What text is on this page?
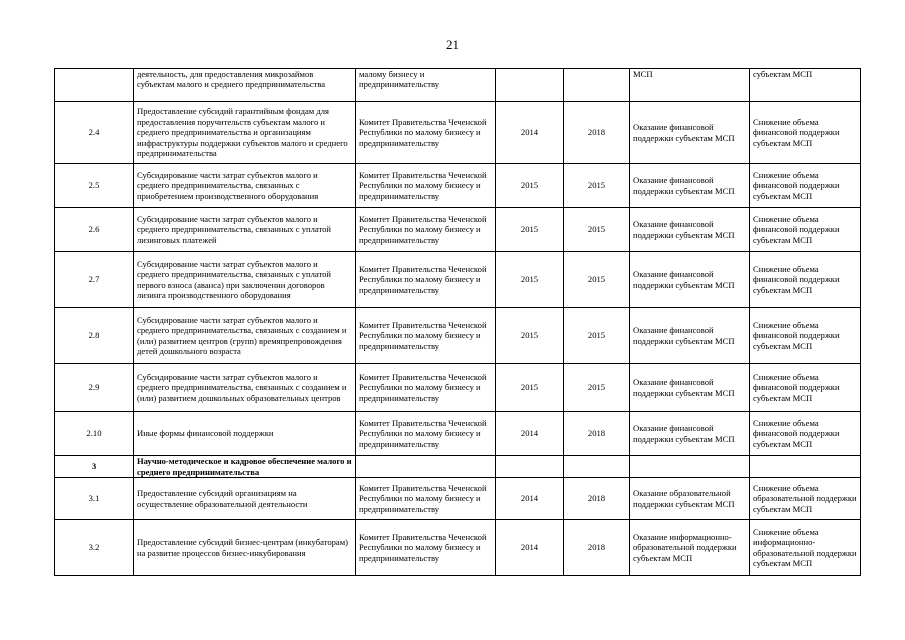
21
	деятельность, для предоставления микрозаймов субъектам малого и среднего предпринимательства	малому бизнесу и предпринимательству			МСП	субъектам МСП
2.4	Предоставление субсидий гарантийным фондам для предоставления поручительств субъектам малого и среднего предпринимательства и организациям инфраструктуры поддержки субъектов малого и среднего предпринимательства	Комитет Правительства Чеченской Республики по малому бизнесу и предпринимательству	2014	2018	Оказание финансовой поддержки субъектам МСП	Снижение объема финансовой поддержки субъектам МСП
2.5	Субсидирование части затрат субъектов малого и среднего предпринимательства, связанных с приобретением производственного оборудования	Комитет Правительства Чеченской Республики по малому бизнесу и предпринимательству	2015	2015	Оказание финансовой поддержки субъектам МСП	Снижение объема финансовой поддержки субъектам МСП
2.6	Субсидирование части затрат субъектов малого и среднего предпринимательства, связанных с уплатой лизинговых платежей	Комитет Правительства Чеченской Республики по малому бизнесу и предпринимательству	2015	2015	Оказание финансовой поддержки субъектам МСП	Снижение объема финансовой поддержки субъектам МСП
2.7	Субсидирование части затрат субъектов малого и среднего предпринимательства, связанных с уплатой первого взноса (аванса) при заключении договоров лизинга производственного оборудования	Комитет Правительства Чеченской Республики по малому бизнесу и предпринимательству	2015	2015	Оказание финансовой поддержки субъектам МСП	Снижение объема финансовой поддержки субъектам МСП
2.8	Субсидирование части затрат субъектов малого и среднего предпринимательства, связанных с созданием и (или) развитием центров (групп) времяпрепровождения детей дошкольного возраста	Комитет Правительства Чеченской Республики по малому бизнесу и предпринимательству	2015	2015	Оказание финансовой поддержки субъектам МСП	Снижение объема финансовой поддержки субъектам МСП
2.9	Субсидирование части затрат субъектов малого и среднего предпринимательства, связанных с созданием и (или) развитием дошкольных образовательных центров	Комитет Правительства Чеченской Республики по малому бизнесу и предпринимательству	2015	2015	Оказание финансовой поддержки субъектам МСП	Снижение объема финансовой поддержки субъектам МСП
2.10	Иные формы финансовой поддержки	Комитет Правительства Чеченской Республики по малому бизнесу и предпринимательству	2014	2018	Оказание финансовой поддержки субъектам МСП	Снижение объема финансовой поддержки субъектам МСП
3	Научно-методическое и кадровое обеспечение малого и среднего предпринимательства					
3.1	Предоставление субсидий организациям на осуществление образовательной деятельности	Комитет Правительства Чеченской Республики по малому бизнесу и предпринимательству	2014	2018	Оказание образовательной поддержки субъектам МСП	Снижение объема образовательной поддержки субъектам МСП
3.2	Предоставление субсидий бизнес-центрам (инкубаторам) на развитие процессов бизнес-инкубирования	Комитет Правительства Чеченской Республики по малому бизнесу и предпринимательству	2014	2018	Оказание информационно-образовательной поддержки субъектам МСП	Снижение объема информационно-образовательной поддержки субъектам МСП
